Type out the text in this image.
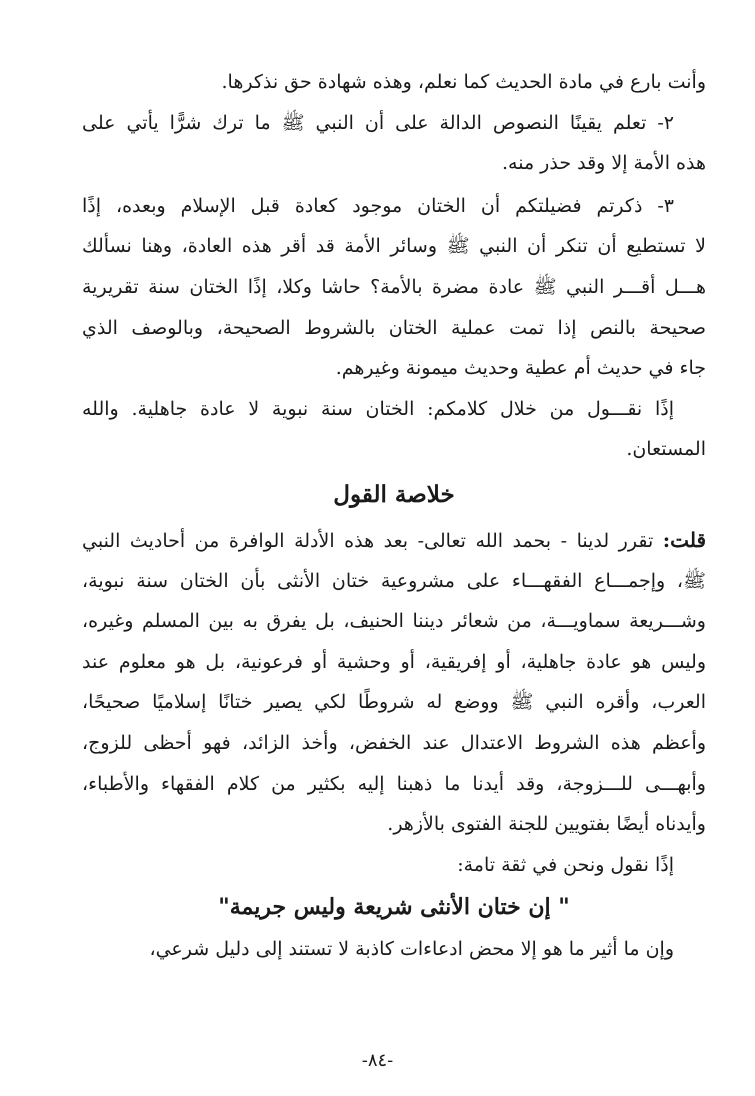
وأنت بارع في مادة الحديث كما نعلم، وهذه شهادة حق نذكرها.
٢- تعلم يقينًا النصوص الدالة على أن النبي ﷺ ما ترك شرًّا يأتي على
هذه الأمة إلا وقد حذر منه.
٣- ذكرتم فضيلتكم أن الختان موجود كعادة قبل الإسلام وبعده، إذًا
لا تستطيع أن تنكر أن النبي ﷺ وسائر الأمة قد أقر هذه العادة، وهنا نسألك
هـــل أقـــر النبي ﷺ عادة مضرة بالأمة؟ حاشا وكلا، إذًا الختان سنة تقريرية
صحيحة بالنص إذا تمت عملية الختان بالشروط الصحيحة، وبالوصف الذي
جاء في حديث أم عطية وحديث ميمونة وغيرهم.
إذًا نقـــول من خلال كلامكم: الختان سنة نبوية لا عادة جاهلية. والله
المستعان.
خلاصة القول
قلت: تقرر لدينا - بحمد الله تعالى- بعد هذه الأدلة الوافرة من أحاديث النبي
ﷺ، وإجمـــاع الفقهـــاء على مشروعية ختان الأنثى بأن الختان سنة نبوية،
وشـــريعة سماويـــة، من شعائر ديننا الحنيف، بل يفرق به بين المسلم وغيره،
وليس هو عادة جاهلية، أو إفريقية، أو وحشية أو فرعونية، بل هو معلوم عند
العرب، وأقره النبي ﷺ ووضع له شروطًا لكي يصير ختانًا إسلاميًا صحيحًا،
وأعظم هذه الشروط الاعتدال عند الخفض، وأخذ الزائد، فهو أحظى للزوج،
وأبهـــى للـــزوجة، وقد أيدنا ما ذهبنا إليه بكثير من كلام الفقهاء والأطباء،
وأيدناه أيضًا بفتويين للجنة الفتوى بالأزهر.
إذًا نقول ونحن في ثقة تامة:
" إن ختان الأنثى شريعة وليس جريمة"
وإن ما أثير ما هو إلا محض ادعاءات كاذبة لا تستند إلى دليل شرعي،
-٨٤-
